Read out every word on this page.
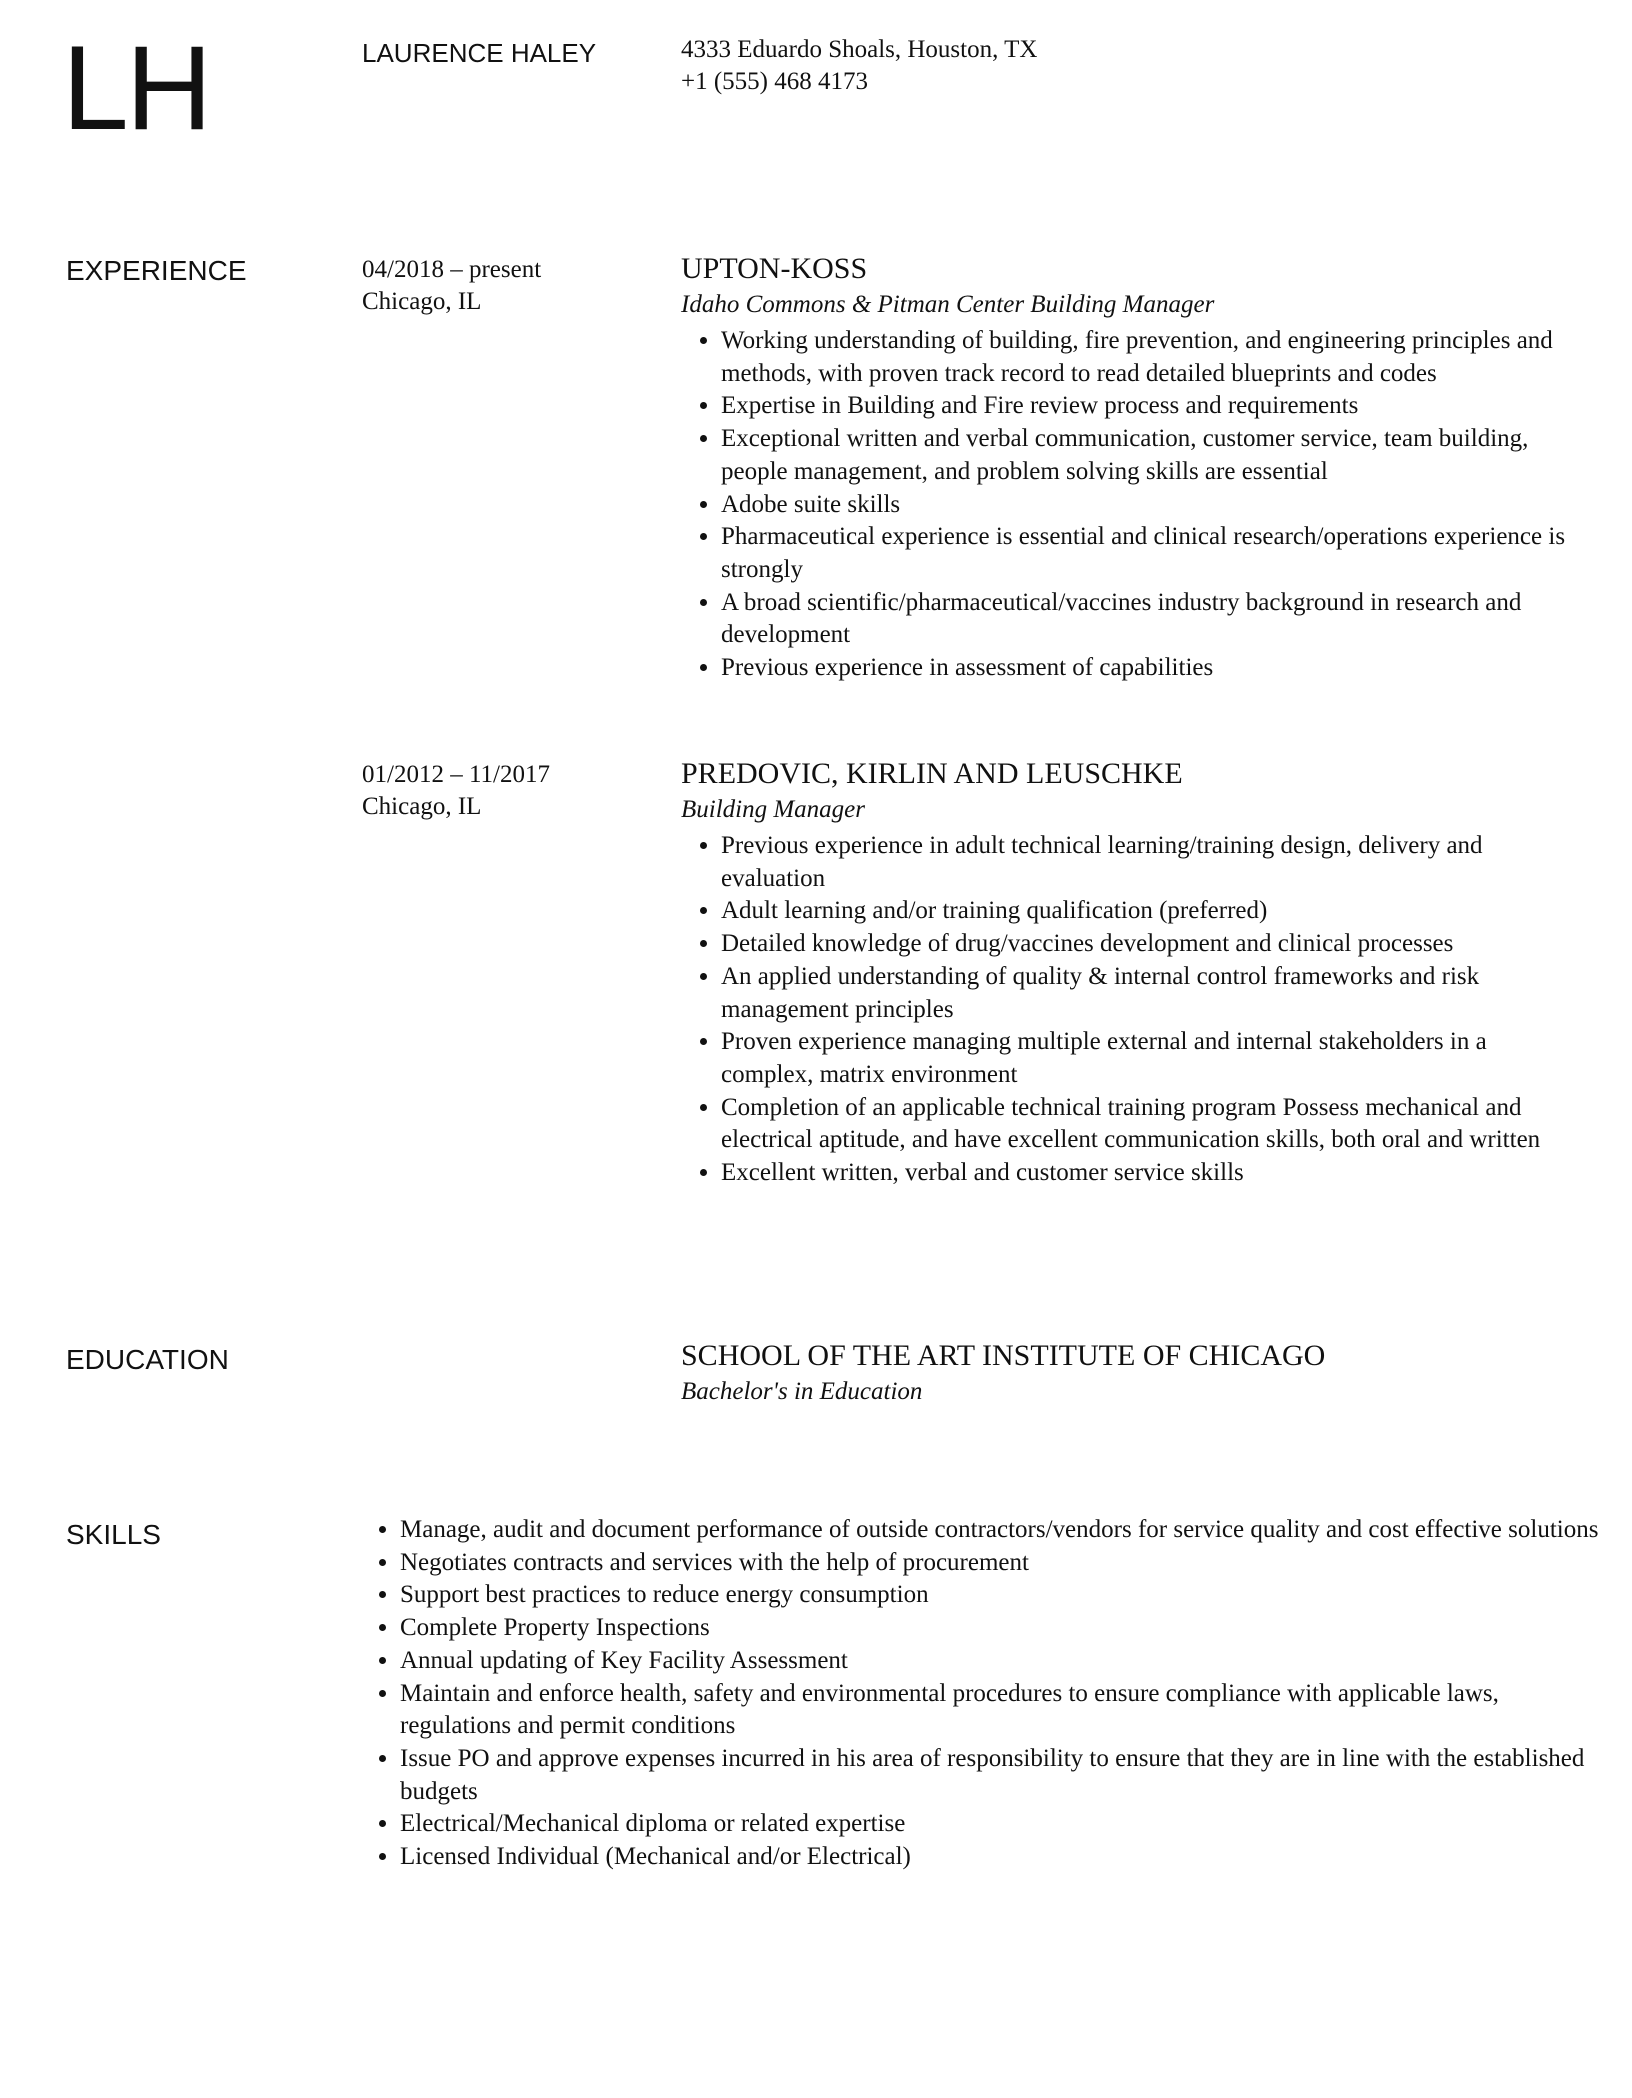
LH	LAURENCE HALEY	4333 Eduardo Shoals, Houston, TX
+1 (555) 468 4173
EXPERIENCE	04/2018 – present
Chicago, IL
UPTON-KOSS
Idaho Commons & Pitman Center Building Manager
• Working understanding of building, fire prevention, and engineering principles and methods, with proven track record to read detailed blueprints and codes
• Expertise in Building and Fire review process and requirements
• Exceptional written and verbal communication, customer service, team building, people management, and problem solving skills are essential
• Adobe suite skills
• Pharmaceutical experience is essential and clinical research/operations experience is strongly
• A broad scientific/pharmaceutical/vaccines industry background in research and development
• Previous experience in assessment of capabilities
01/2012 – 11/2017
Chicago, IL
PREDOVIC, KIRLIN AND LEUSCHKE
Building Manager
• Previous experience in adult technical learning/training design, delivery and evaluation
• Adult learning and/or training qualification (preferred)
• Detailed knowledge of drug/vaccines development and clinical processes
• An applied understanding of quality & internal control frameworks and risk management principles
• Proven experience managing multiple external and internal stakeholders in a complex, matrix environment
• Completion of an applicable technical training program Possess mechanical and electrical aptitude, and have excellent communication skills, both oral and written
• Excellent written, verbal and customer service skills
EDUCATION	SCHOOL OF THE ART INSTITUTE OF CHICAGO
Bachelor's in Education
SKILLS
•	Manage, audit and document performance of outside contractors/vendors for service quality and cost effective solutions
• Negotiates contracts and services with the help of procurement
• Support best practices to reduce energy consumption
• Complete Property Inspections
• Annual updating of Key Facility Assessment
• Maintain and enforce health, safety and environmental procedures to ensure compliance with applicable laws, regulations and permit conditions
• Issue PO and approve expenses incurred in his area of responsibility to ensure that they are in line with the established budgets
• Electrical/Mechanical diploma or related expertise
• Licensed Individual (Mechanical and/or Electrical)
